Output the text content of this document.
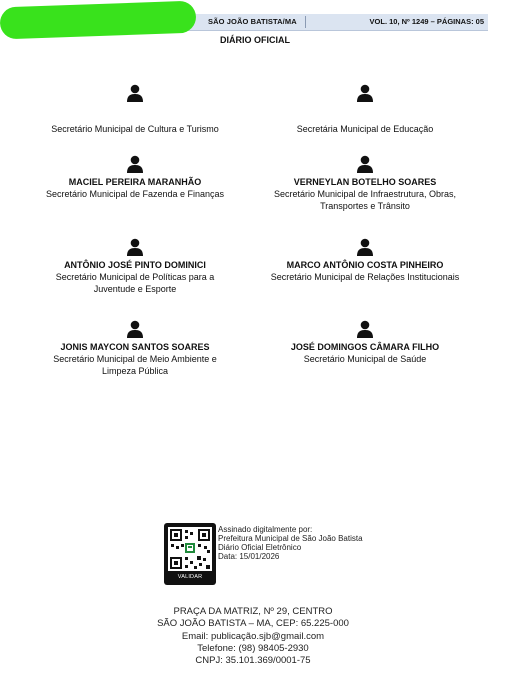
SÃO JOÃO BATISTA/MA	VOL. 10, Nº 1249 – PÁGINAS: 05
DIÁRIO OFICIAL
Secretário Municipal de Cultura e Turismo	Secretária Municipal de Educação
MACIEL PEREIRA MARANHÃO
Secretário Municipal de Fazenda e Finanças
VERNEYLAN BOTELHO SOARES
Secretário Municipal de Infraestrutura, Obras, Transportes e Trânsito
ANTÔNIO JOSÉ PINTO DOMINICI
Secretário Municipal de Políticas para a Juventude e Esporte
MARCO ANTÔNIO COSTA PINHEIRO
Secretário Municipal de Relações Institucionais
JONIS MAYCON SANTOS SOARES
Secretário Municipal de Meio Ambiente e Limpeza Pública
JOSÉ DOMINGOS CÂMARA FILHO
Secretário Municipal de Saúde
VALIDAR
Assinado digitalmente por:
Prefeitura Municipal de São João Batista
Diário Oficial Eletrônico
Data: 15/01/2026
PRAÇA DA MATRIZ, Nº 29, CENTRO
SÃO JOÃO BATISTA – MA, CEP: 65.225-000
Email: publicação.sjb@gmail.com
Telefone: (98) 98405-2930
CNPJ: 35.101.369/0001-75
